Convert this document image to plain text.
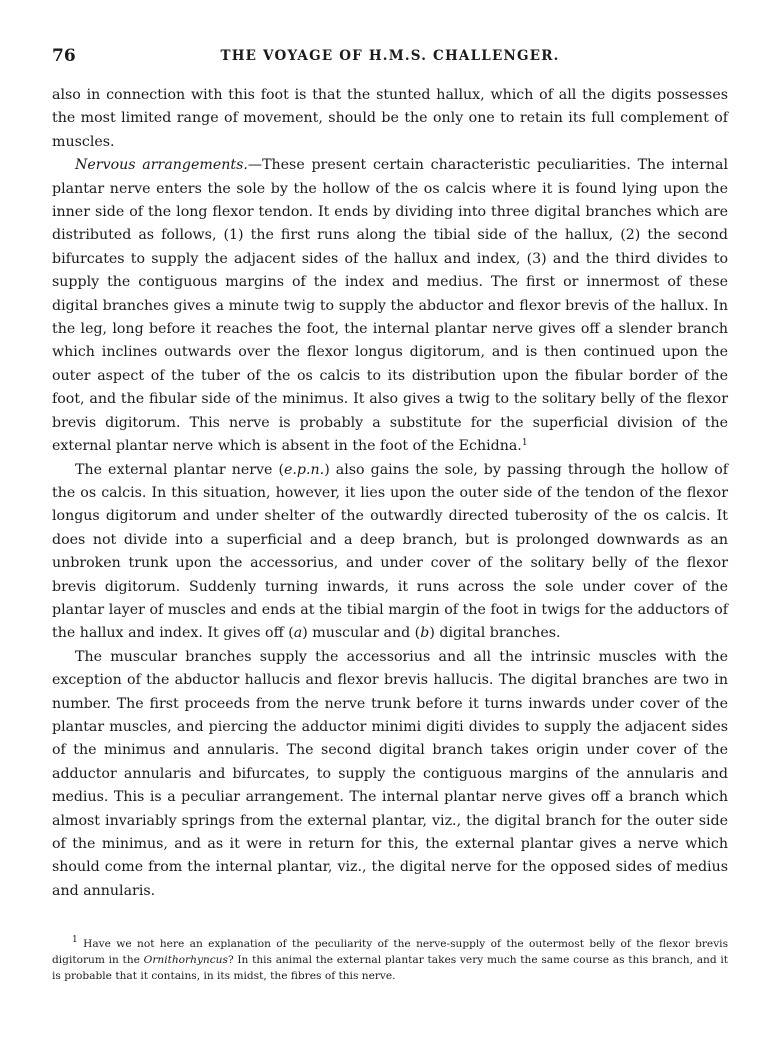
76	THE VOYAGE OF H.M.S. CHALLENGER.

also in connection with this foot is that the stunted hallux, which of all the digits possesses the most limited range of movement, should be the only one to retain its full complement of muscles.

Nervous arrangements.—These present certain characteristic peculiarities. The internal plantar nerve enters the sole by the hollow of the os calcis where it is found lying upon the inner side of the long flexor tendon. It ends by dividing into three digital branches which are distributed as follows, (1) the first runs along the tibial side of the hallux, (2) the second bifurcates to supply the adjacent sides of the hallux and index, (3) and the third divides to supply the contiguous margins of the index and medius. The first or innermost of these digital branches gives a minute twig to supply the abductor and flexor brevis of the hallux. In the leg, long before it reaches the foot, the internal plantar nerve gives off a slender branch which inclines outwards over the flexor longus digitorum, and is then continued upon the outer aspect of the tuber of the os calcis to its distribution upon the fibular border of the foot, and the fibular side of the minimus. It also gives a twig to the solitary belly of the flexor brevis digitorum. This nerve is probably a substitute for the superficial division of the external plantar nerve which is absent in the foot of the Echidna.$^1$

The external plantar nerve (e.p.n.) also gains the sole, by passing through the hollow of the os calcis. In this situation, however, it lies upon the outer side of the tendon of the flexor longus digitorum and under shelter of the outwardly directed tuberosity of the os calcis. It does not divide into a superficial and a deep branch, but is prolonged downwards as an unbroken trunk upon the accessorius, and under cover of the solitary belly of the flexor brevis digitorum. Suddenly turning inwards, it runs across the sole under cover of the plantar layer of muscles and ends at the tibial margin of the foot in twigs for the adductors of the hallux and index. It gives off (a) muscular and (b) digital branches.

The muscular branches supply the accessorius and all the intrinsic muscles with the exception of the abductor hallucis and flexor brevis hallucis. The digital branches are two in number. The first proceeds from the nerve trunk before it turns inwards under cover of the plantar muscles, and piercing the adductor minimi digiti divides to supply the adjacent sides of the minimus and annularis. The second digital branch takes origin under cover of the adductor annularis and bifurcates, to supply the contiguous margins of the annularis and medius. This is a peculiar arrangement. The internal plantar nerve gives off a branch which almost invariably springs from the external plantar, viz., the digital branch for the outer side of the minimus, and as it were in return for this, the external plantar gives a nerve which should come from the internal plantar, viz., the digital nerve for the opposed sides of medius and annularis.

$^1$ Have we not here an explanation of the peculiarity of the nerve-supply of the outermost belly of the flexor brevis digitorum in the Ornithorhyncus? In this animal the external plantar takes very much the same course as this branch, and it is probable that it contains, in its midst, the fibres of this nerve.
